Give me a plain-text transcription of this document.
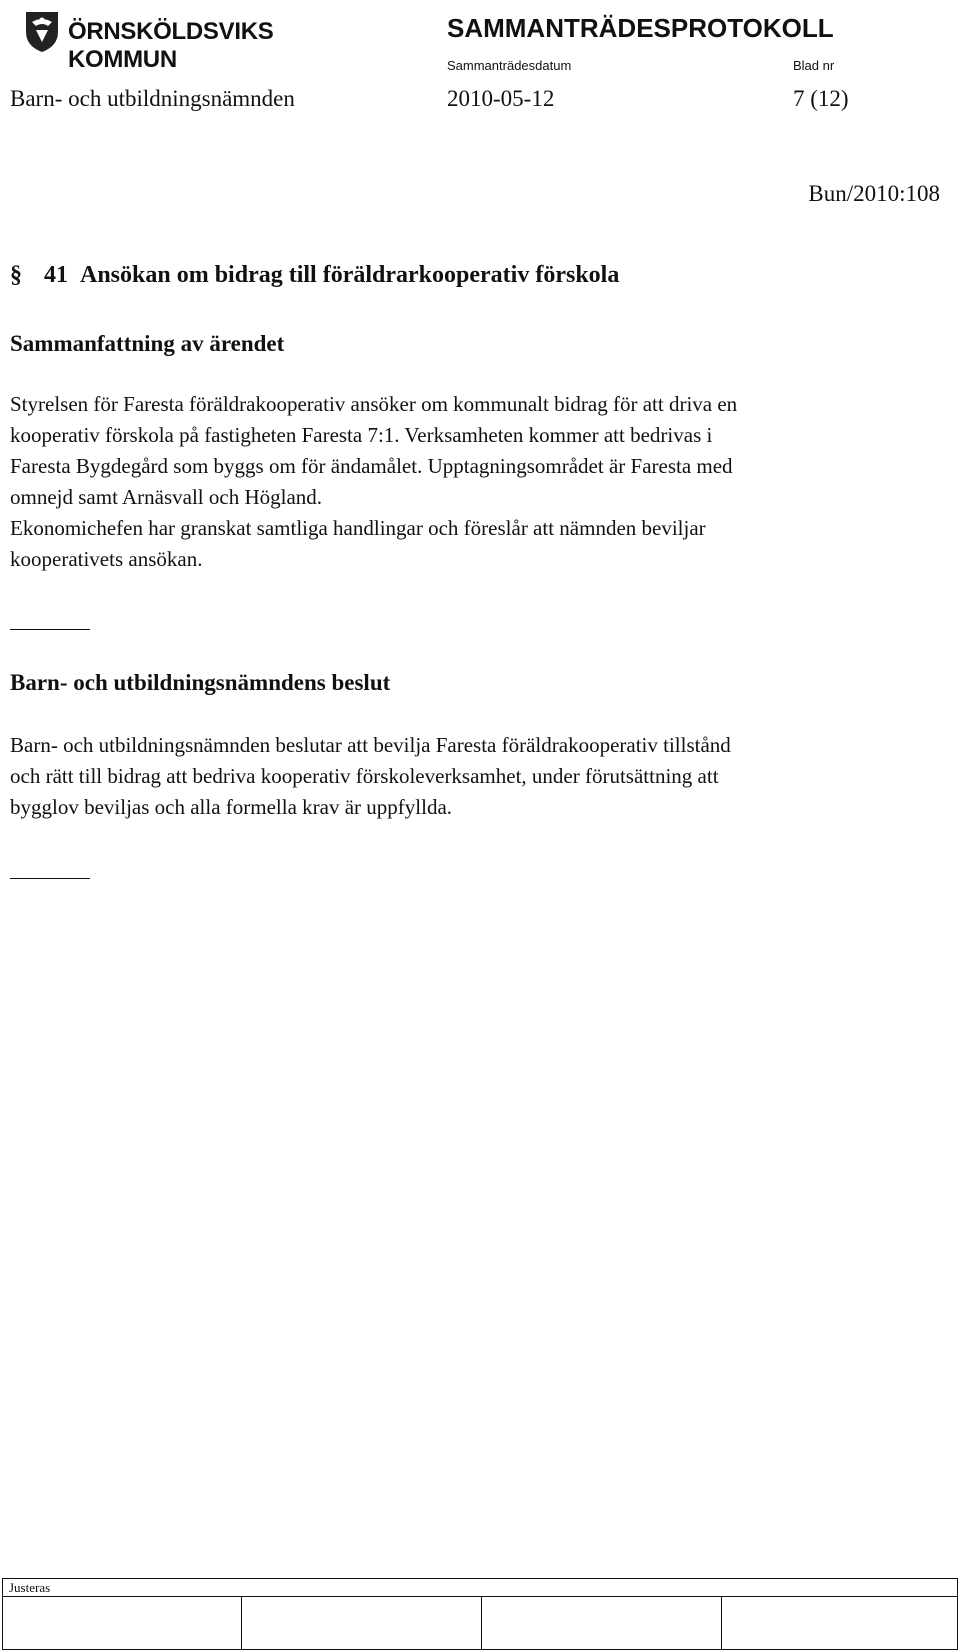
ÖRNSKÖLDSVIKS KOMMUN
SAMMANTRÄDESPROTOKOLL
Sammanträdesdatum	Blad nr
Barn- och utbildningsnämnden	2010-05-12	7 (12)
Bun/2010:108
§ 41 Ansökan om bidrag till föräldrarkooperativ förskola
Sammanfattning av ärendet
Styrelsen för Faresta föräldrakooperativ ansöker om kommunalt bidrag för att driva en
kooperativ förskola på fastigheten Faresta 7:1. Verksamheten kommer att bedrivas i
Faresta Bygdegård som byggs om för ändamålet. Upptagningsområdet är Faresta med
omnejd samt Arnäsvall och Högland.
Ekonomichefen har granskat samtliga handlingar och föreslår att nämnden beviljar
kooperativets ansökan.
Barn- och utbildningsnämndens beslut
Barn- och utbildningsnämnden beslutar att bevilja Faresta föräldrakooperativ tillstånd
och rätt till bidrag att bedriva kooperativ förskoleverksamhet, under förutsättning att
bygglov beviljas och alla formella krav är uppfyllda.
Justeras
